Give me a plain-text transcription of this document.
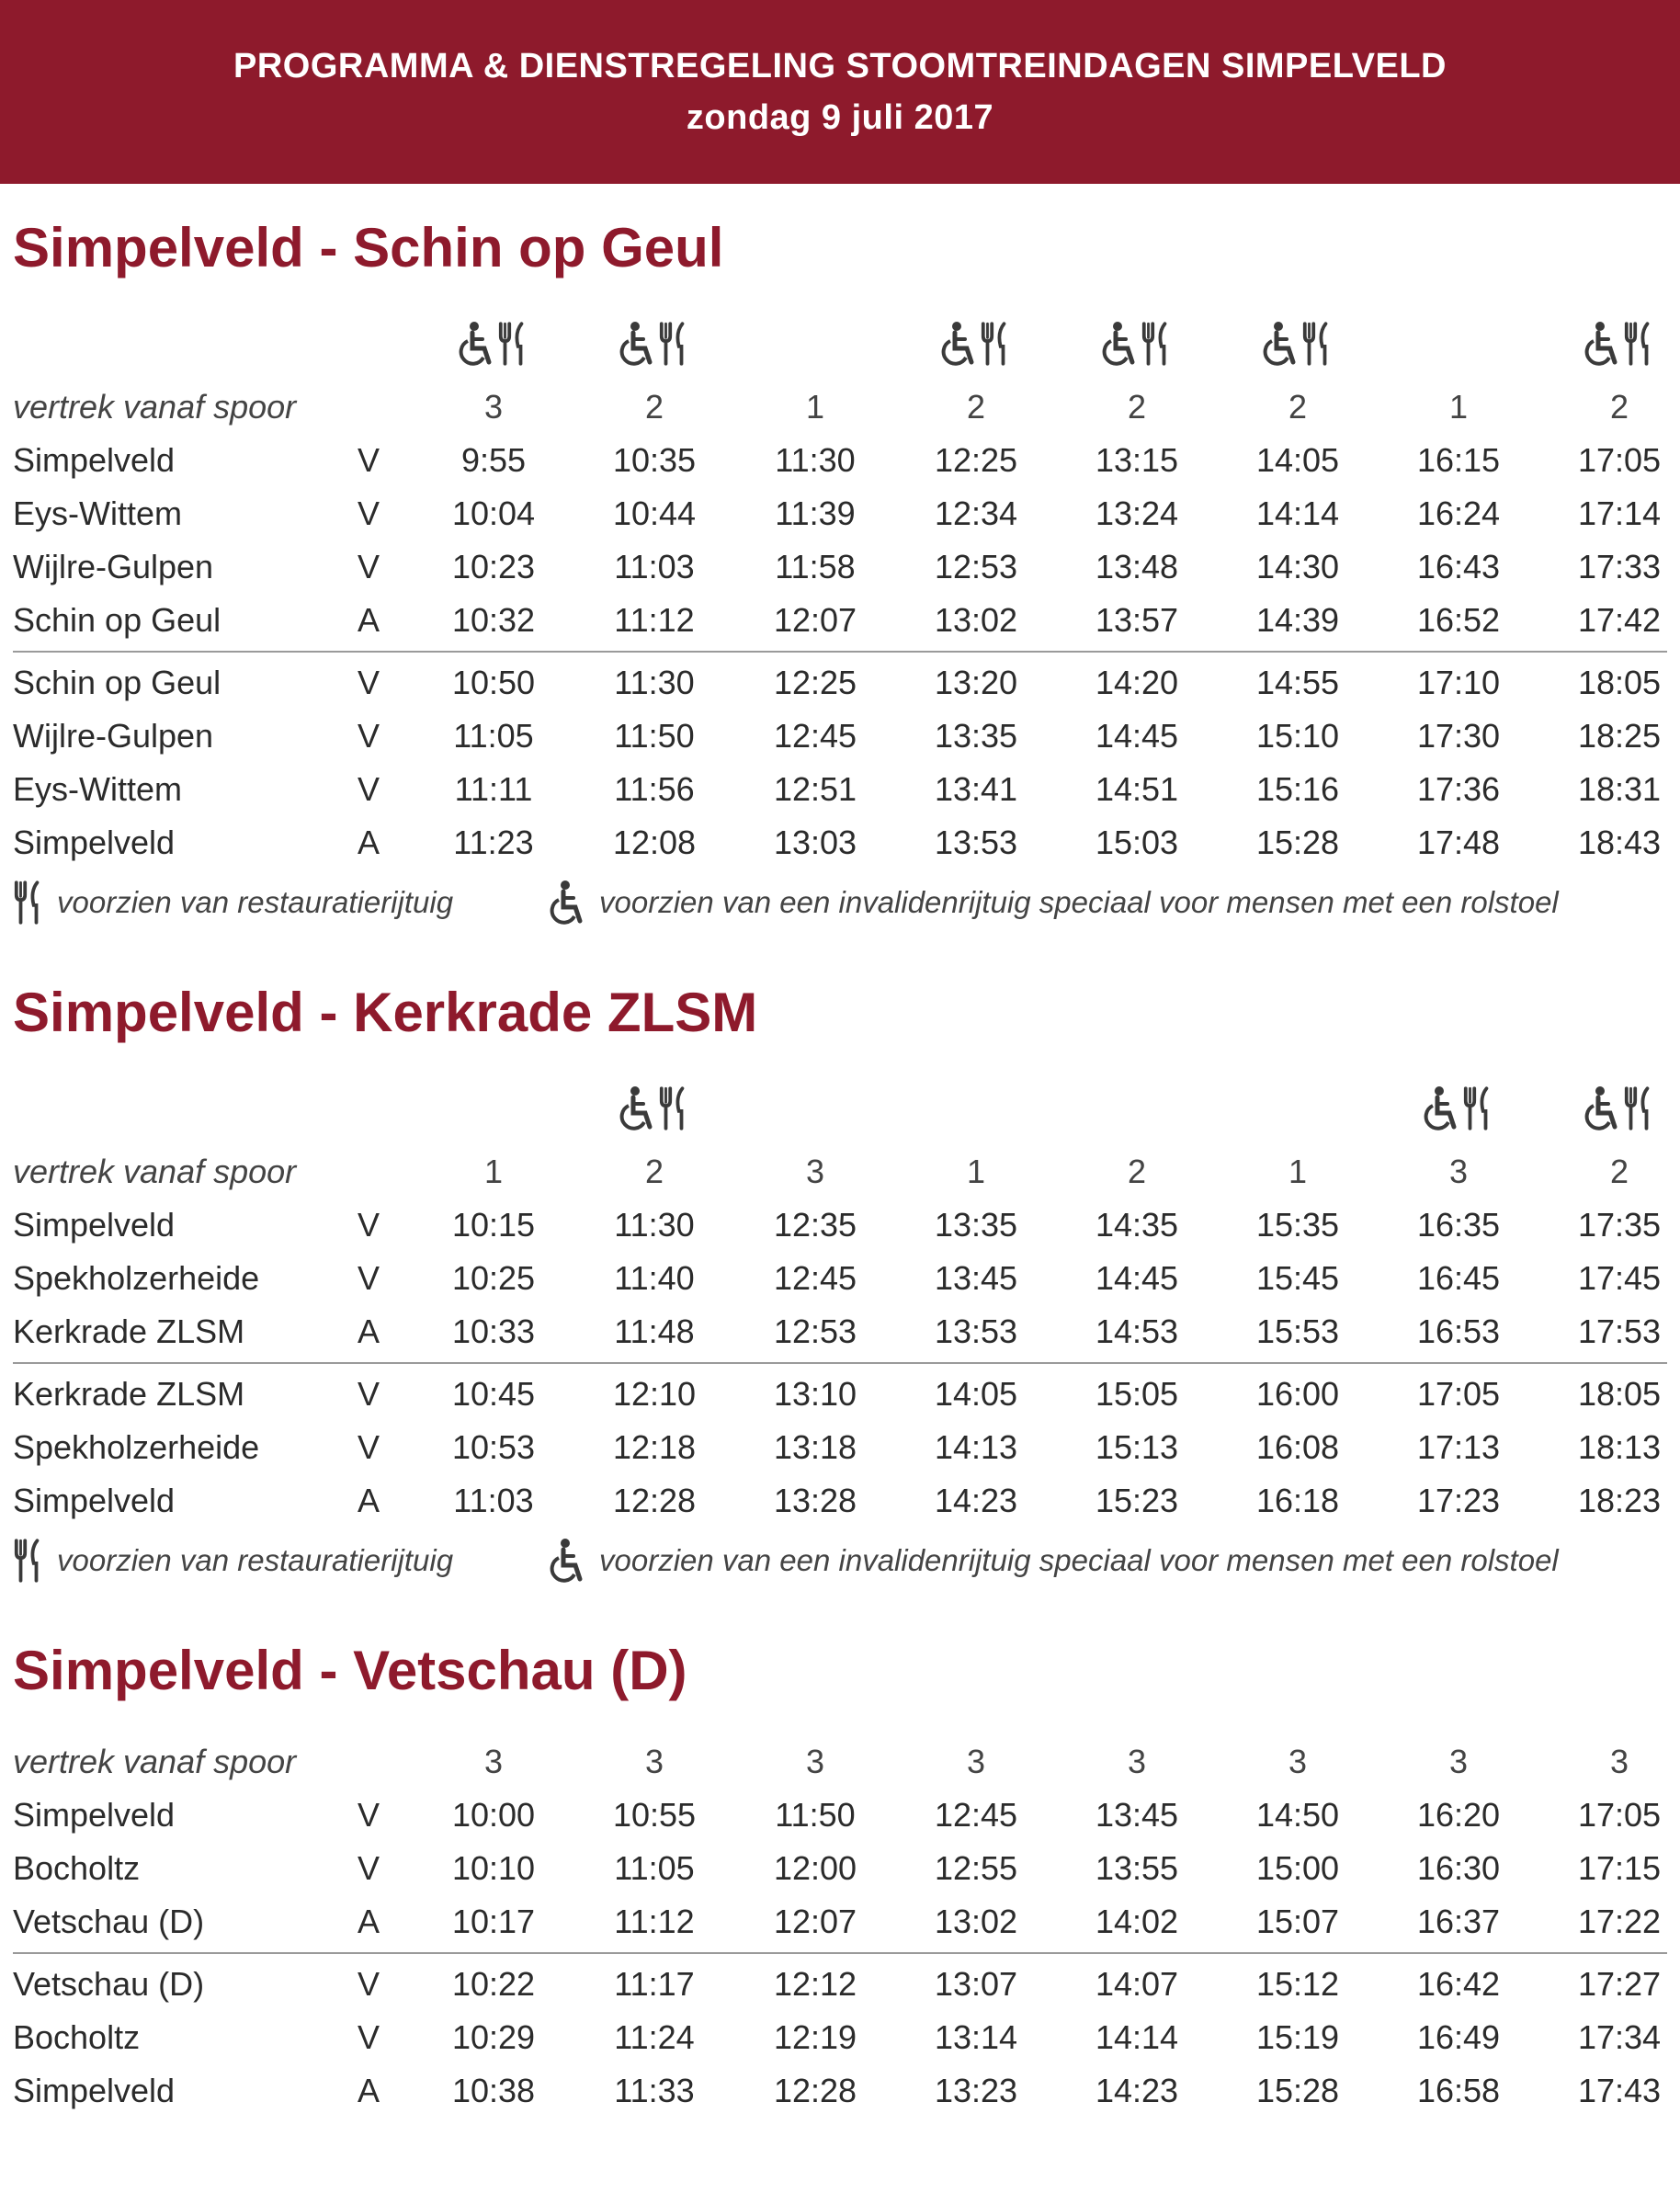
PROGRAMMA & DIENSTREGELING STOOMTREINDAGEN SIMPELVELD
zondag 9 juli 2017
Simpelveld - Schin op Geul
vertrek vanaf spoor	3	2	1	2	2	2	1	2
Simpelveld	V	9:55	10:35	11:30	12:25	13:15	14:05	16:15	17:05
Eys-Wittem	V	10:04	10:44	11:39	12:34	13:24	14:14	16:24	17:14
Wijlre-Gulpen	V	10:23	11:03	11:58	12:53	13:48	14:30	16:43	17:33
Schin op Geul	A	10:32	11:12	12:07	13:02	13:57	14:39	16:52	17:42
Schin op Geul	V	10:50	11:30	12:25	13:20	14:20	14:55	17:10	18:05
Wijlre-Gulpen	V	11:05	11:50	12:45	13:35	14:45	15:10	17:30	18:25
Eys-Wittem	V	11:11	11:56	12:51	13:41	14:51	15:16	17:36	18:31
Simpelveld	A	11:23	12:08	13:03	13:53	15:03	15:28	17:48	18:43
voorzien van restauratierijtuig	voorzien van een invalidenrijtuig speciaal voor mensen met een rolstoel
Simpelveld - Kerkrade ZLSM
vertrek vanaf spoor	1	2	3	1	2	1	3	2
Simpelveld	V	10:15	11:30	12:35	13:35	14:35	15:35	16:35	17:35
Spekholzerheide	V	10:25	11:40	12:45	13:45	14:45	15:45	16:45	17:45
Kerkrade ZLSM	A	10:33	11:48	12:53	13:53	14:53	15:53	16:53	17:53
Kerkrade ZLSM	V	10:45	12:10	13:10	14:05	15:05	16:00	17:05	18:05
Spekholzerheide	V	10:53	12:18	13:18	14:13	15:13	16:08	17:13	18:13
Simpelveld	A	11:03	12:28	13:28	14:23	15:23	16:18	17:23	18:23
voorzien van restauratierijtuig	voorzien van een invalidenrijtuig speciaal voor mensen met een rolstoel
Simpelveld - Vetschau (D)
vertrek vanaf spoor	3	3	3	3	3	3	3	3
Simpelveld	V	10:00	10:55	11:50	12:45	13:45	14:50	16:20	17:05
Bocholtz	V	10:10	11:05	12:00	12:55	13:55	15:00	16:30	17:15
Vetschau (D)	A	10:17	11:12	12:07	13:02	14:02	15:07	16:37	17:22
Vetschau (D)	V	10:22	11:17	12:12	13:07	14:07	15:12	16:42	17:27
Bocholtz	V	10:29	11:24	12:19	13:14	14:14	15:19	16:49	17:34
Simpelveld	A	10:38	11:33	12:28	13:23	14:23	15:28	16:58	17:43
